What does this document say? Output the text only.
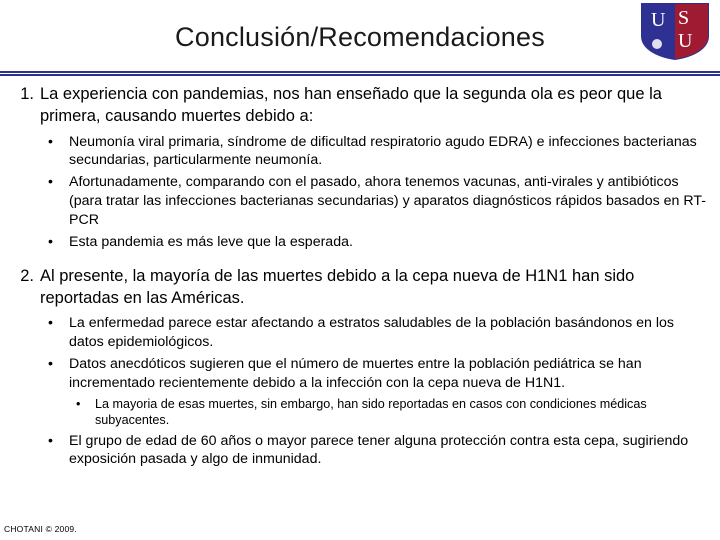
U S
U
Conclusión/Recomendaciones
1. La experiencia con pandemias, nos han enseñado que la segunda ola es peor que la primera, causando muertes debido a:
• Neumonía viral primaria, síndrome de dificultad respiratorio agudo EDRA) e infecciones bacterianas secundarias, particularmente neumonía.
• Afortunadamente, comparando con el pasado, ahora tenemos vacunas, anti-virales y antibióticos (para tratar las infecciones bacterianas secundarias) y aparatos diagnósticos rápidos basados en RT- PCR
• Esta pandemia es más leve que la esperada.
2. Al presente, la mayoría de las muertes debido a la cepa nueva de H1N1 han sido reportadas en las Américas.
• La enfermedad parece estar afectando a estratos saludables de la población basándonos en los datos epidemiológicos.
• Datos anecdóticos sugieren que el número de muertes entre la población pediátrica se han incrementado recientemente debido a la infección con la cepa nueva de H1N1.
• La mayoria de esas muertes, sin embargo, han sido reportadas en casos con condiciones médicas subyacentes.
• El grupo de edad de 60 años o mayor parece tener alguna protección contra esta cepa, sugiriendo exposición pasada y algo de inmunidad.
CHOTANI © 2009.
